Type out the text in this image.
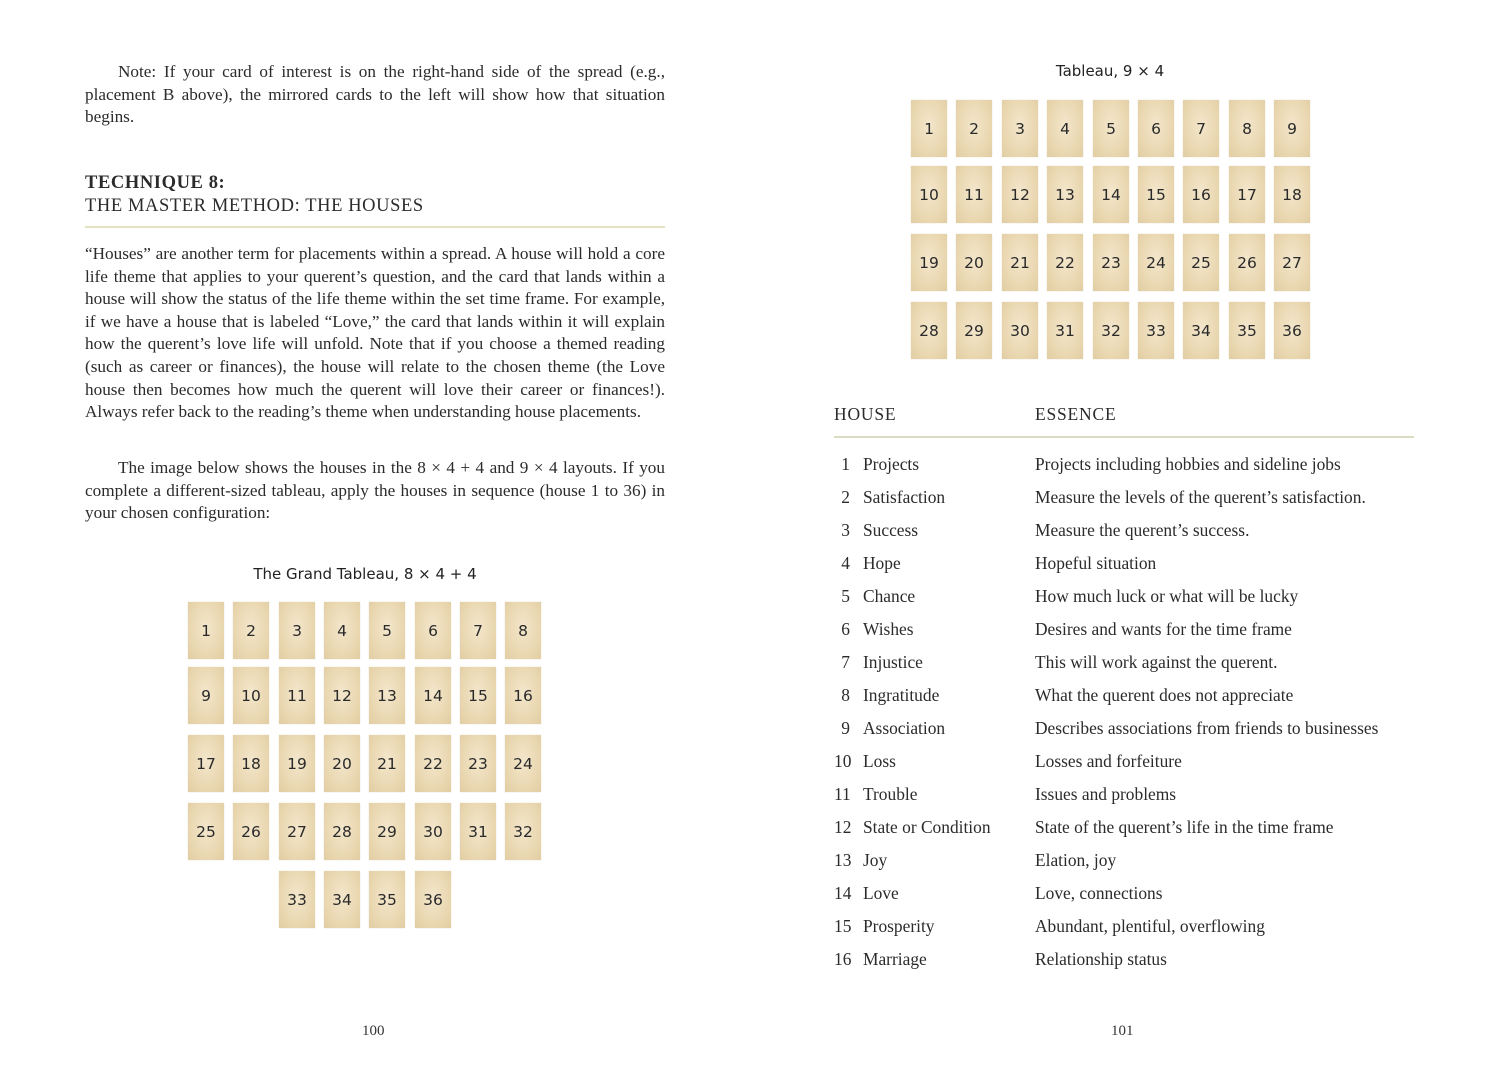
Note: If your card of interest is on the right-hand side of the spread (e.g., placement B above), the mirrored cards to the left will show how that situation begins.

TECHNIQUE 8:
THE MASTER METHOD: THE HOUSES

“Houses” are another term for placements within a spread. A house will hold a core life theme that applies to your querent’s question, and the card that lands within a house will show the status of the life theme within the set time frame. For example, if we have a house that is labeled “Love,” the card that lands within it will explain how the querent’s love life will unfold. Note that if you choose a themed reading (such as career or finances), the house will relate to the chosen theme (the Love house then becomes how much the querent will love their career or finances!). Always refer back to the reading’s theme when understanding house placements.

The image below shows the houses in the 8 × 4 + 4 and 9 × 4 layouts. If you complete a different-sized tableau, apply the houses in sequence (house 1 to 36) in your chosen configuration:

The Grand Tableau, 8 × 4 + 4
1	2	3	4	5	6	7	8
9	10	11	12	13	14	15	16
17	18	19	20	21	22	23	24
25	26	27	28	29	30	31	32
33	34	35	36
100
Tableau, 9 × 4
1	2	3	4	5	6	7	8	9
10	11	12	13	14	15	16	17	18
19	20	21	22	23	24	25	26	27
28	29	30	31	32	33	34	35	36
HOUSE	ESSENCE
1 Projects	Projects including hobbies and sideline jobs
2 Satisfaction	Measure the levels of the querent’s satisfaction.
3 Success	Measure the querent’s success.
4 Hope	Hopeful situation
5 Chance	How much luck or what will be lucky
6 Wishes	Desires and wants for the time frame
7 Injustice	This will work against the querent.
8 Ingratitude	What the querent does not appreciate
9 Association	Describes associations from friends to businesses
10 Loss	Losses and forfeiture
11 Trouble	Issues and problems
12 State or Condition	State of the querent’s life in the time frame
13 Joy	Elation, joy
14 Love	Love, connections
15 Prosperity	Abundant, plentiful, overflowing
16 Marriage	Relationship status
101
